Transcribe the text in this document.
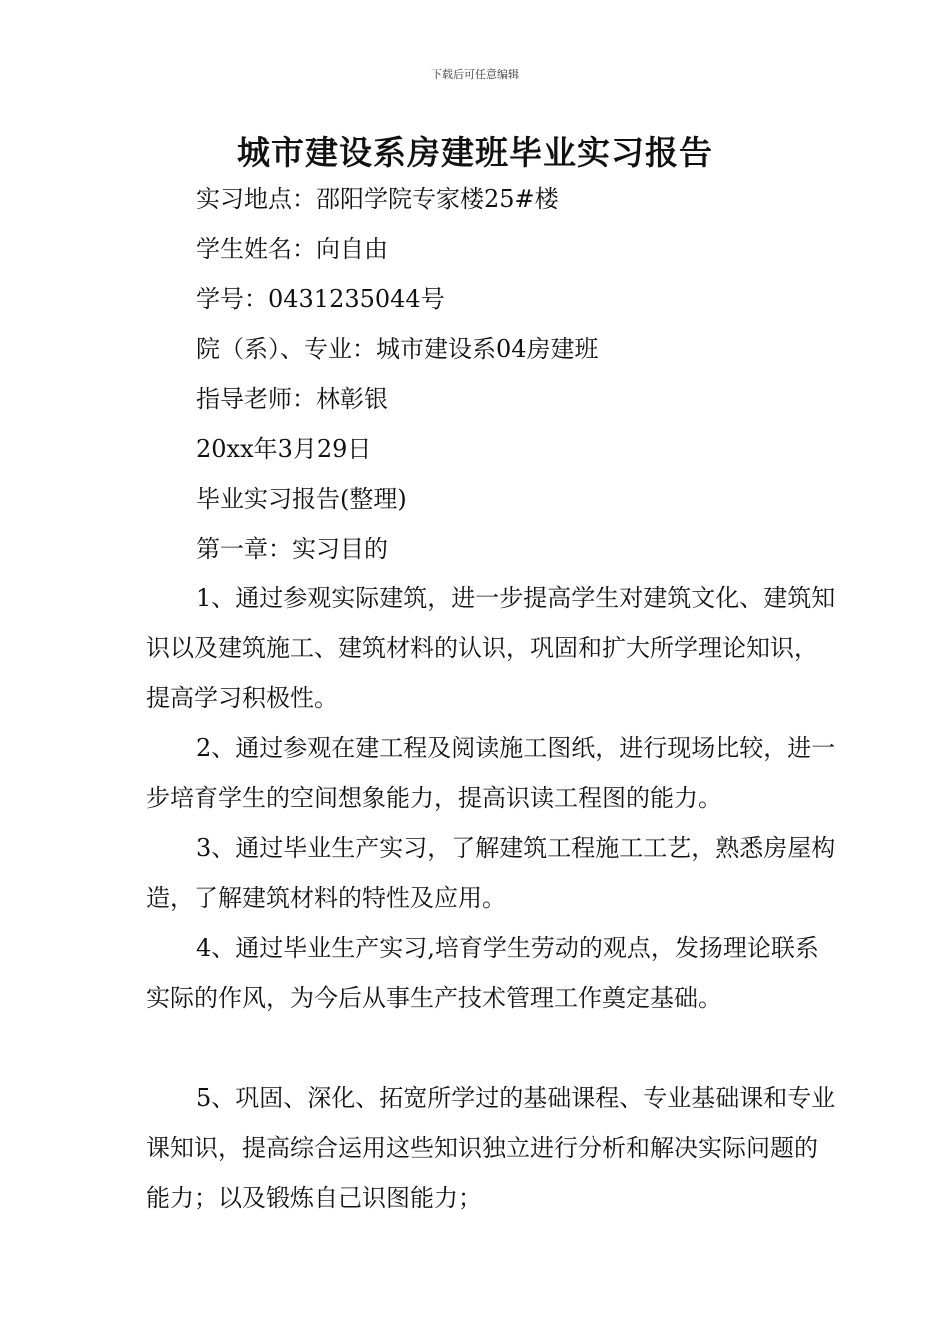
下载后可任意编辑
城市建设系房建班毕业实习报告
实习地点：邵阳学院专家楼25#楼
学生姓名：向自由
学号：0431235044号
院（系）、专业：城市建设系04房建班
指导老师：林彰银
20xx年3月29日
毕业实习报告(整理)
第一章：实习目的

1、通过参观实际建筑，进一步提高学生对建筑文化、建筑知识以及建筑施工、建筑材料的认识，巩固和扩大所学理论知识，提高学习积极性。

2、通过参观在建工程及阅读施工图纸，进行现场比较，进一步培育学生的空间想象能力，提高识读工程图的能力。

3、通过毕业生产实习，了解建筑工程施工工艺，熟悉房屋构造，了解建筑材料的特性及应用。

4、通过毕业生产实习,培育学生劳动的观点，发扬理论联系实际的作风，为今后从事生产技术管理工作奠定基础。

5、巩固、深化、拓宽所学过的基础课程、专业基础课和专业课知识，提高综合运用这些知识独立进行分析和解决实际问题的能力；以及锻炼自己识图能力；
